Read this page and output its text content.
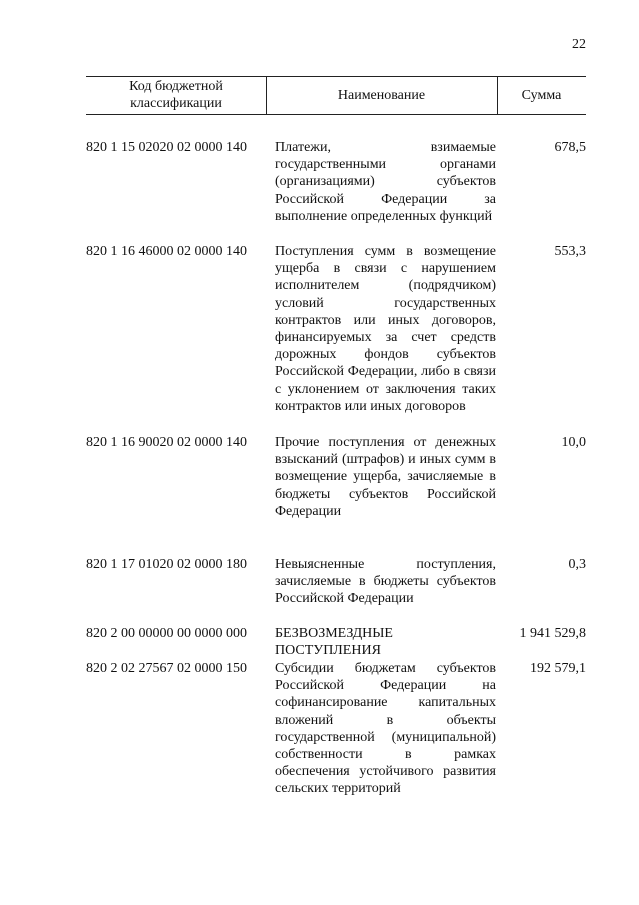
22
Код бюджетной классификации
Наименование	Сумма
820 1 15 02020 02 0000 140 Платежи, взимаемые государственными органами (организациями) субъектов Российской Федерации за выполнение определенных функций
678,5
820 1 16 46000 02 0000 140 Поступления сумм в возмещение ущерба в связи с нарушением исполнителем (подрядчиком) условий государственных контрактов или иных договоров, финансируемых за счет средств дорожных фондов субъектов Российской Федерации, либо в связи с уклонением от заключения таких контрактов или иных договоров
553,3
820 1 16 90020 02 0000 140 Прочие поступления от денежных взысканий (штрафов) и иных сумм в возмещение ущерба, зачисляемые в бюджеты субъектов Российской Федерации
10,0
820 1 17 01020 02 0000 180 Невыясненные поступления, зачисляемые в бюджеты субъектов Российской Федерации
0,3
820 2 00 00000 00 0000 000 БЕЗВОЗМЕЗДНЫЕ ПОСТУПЛЕНИЯ
1 941 529,8
820 2 02 27567 02 0000 150 Субсидии бюджетам субъектов Российской Федерации на софинансирование капитальных вложений в объекты государственной (муниципальной) собственности в рамках обеспечения устойчивого развития сельских территорий
192 579,1
